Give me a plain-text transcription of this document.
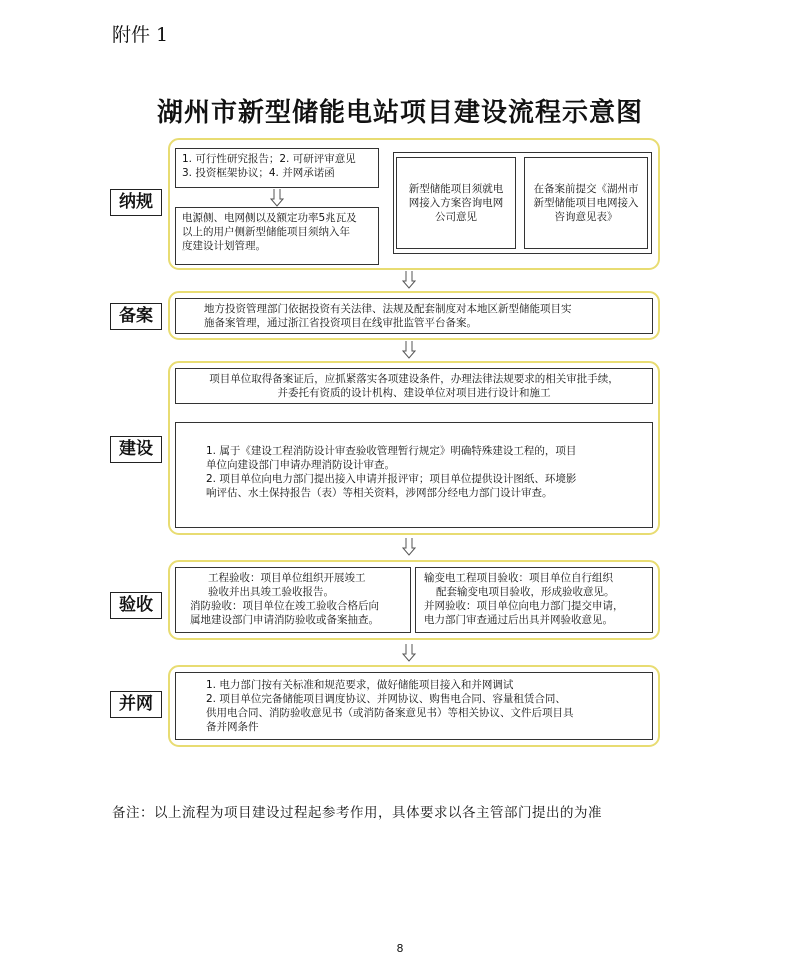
附件 1
湖州市新型储能电站项目建设流程示意图
纳规
1. 可行性研究报告；2. 可研评审意见
3. 投资框架协议；4. 并网承诺函
电源侧、电网侧以及额定功率5兆瓦及
以上的用户侧新型储能项目须纳入年
度建设计划管理。
新型储能项目须就电
网接入方案咨询电网
公司意见
在备案前提交《湖州市
新型储能项目电网接入
咨询意见表》
备案	地方投资管理部门依据投资有关法律、法规及配套制度对本地区新型储能项目实
施备案管理，通过浙江省投资项目在线审批监管平台备案。
建设
项目单位取得备案证后，应抓紧落实各项建设条件，办理法律法规要求的相关审批手续，
并委托有资质的设计机构、建设单位对项目进行设计和施工
1. 属于《建设工程消防设计审查验收管理暂行规定》明确特殊建设工程的，项目
单位向建设部门申请办理消防设计审查。
2. 项目单位向电力部门提出接入申请并报评审；项目单位提供设计图纸、环境影
响评估、水土保持报告（表）等相关资料，涉网部分经电力部门设计审查。
验收
工程验收：项目单位组织开展竣工
验收并出具竣工验收报告。
消防验收：项目单位在竣工验收合格后向
属地建设部门申请消防验收或备案抽查。
输变电工程项目验收：项目单位自行组织
配套输变电项目验收，形成验收意见。
并网验收：项目单位向电力部门提交申请，
电力部门审查通过后出具并网验收意见。
并网
1. 电力部门按有关标准和规范要求，做好储能项目接入和并网调试
2. 项目单位完备储能项目调度协议、并网协议、购售电合同、容量租赁合同、
供用电合同、消防验收意见书（或消防备案意见书）等相关协议、文件后项目具
备并网条件
备注：以上流程为项目建设过程起参考作用，具体要求以各主管部门提出的为准
8
